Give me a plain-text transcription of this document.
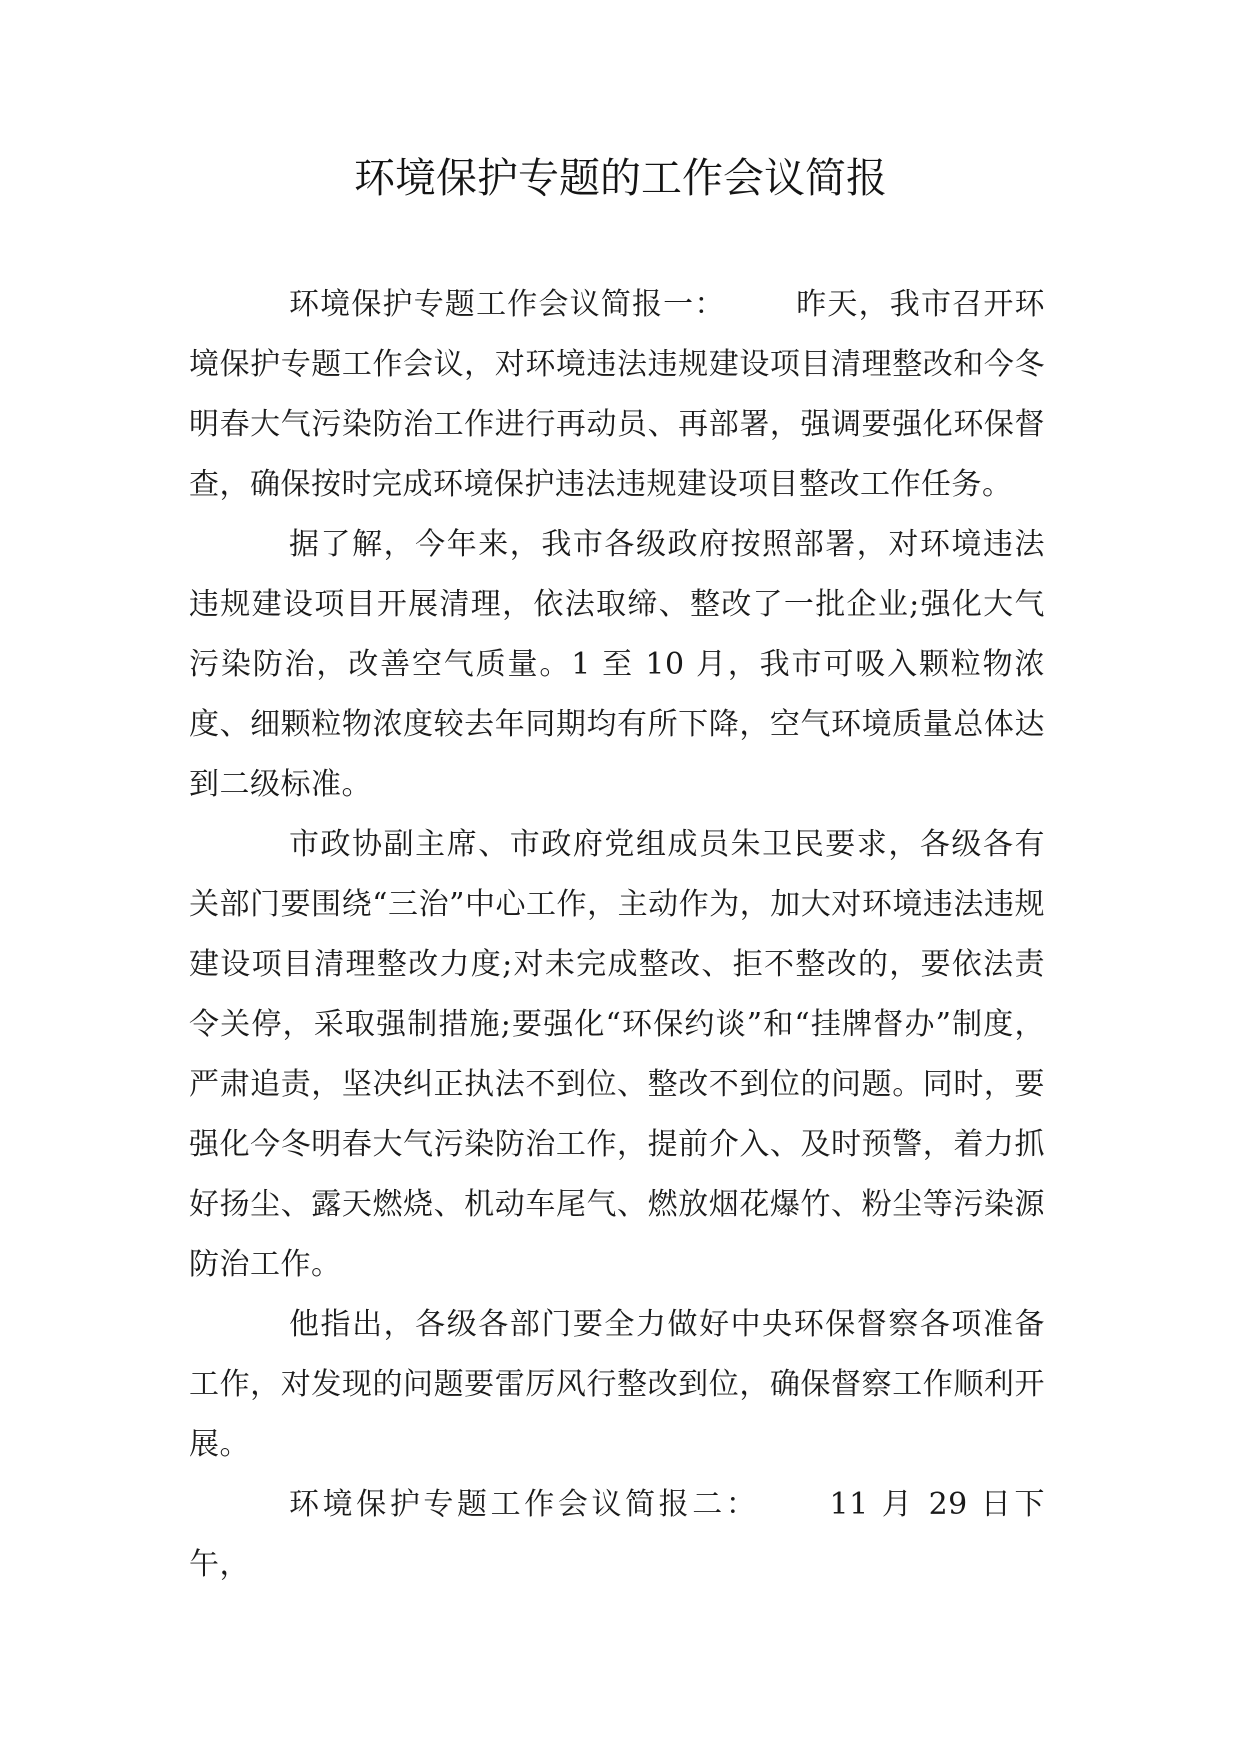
环境保护专题的工作会议简报

环境保护专题工作会议简报一： 昨天，我市召开环境保护专题工作会议，对环境违法违规建设项目清理整改和今冬明春大气污染防治工作进行再动员、再部署，强调要强化环保督查，确保按时完成环境保护违法违规建设项目整改工作任务。

据了解，今年来，我市各级政府按照部署，对环境违法违规建设项目开展清理，依法取缔、整改了一批企业;强化大气污染防治，改善空气质量。1 至 10 月，我市可吸入颗粒物浓度、细颗粒物浓度较去年同期均有所下降，空气环境质量总体达到二级标准。

市政协副主席、市政府党组成员朱卫民要求，各级各有关部门要围绕“三治”中心工作，主动作为，加大对环境违法违规建设项目清理整改力度;对未完成整改、拒不整改的，要依法责令关停，采取强制措施;要强化“环保约谈”和“挂牌督办”制度，严肃追责，坚决纠正执法不到位、整改不到位的问题。同时，要强化今冬明春大气污染防治工作，提前介入、及时预警，着力抓好扬尘、露天燃烧、机动车尾气、燃放烟花爆竹、粉尘等污染源防治工作。

他指出，各级各部门要全力做好中央环保督察各项准备工作，对发现的问题要雷厉风行整改到位，确保督察工作顺利开展。

环境保护专题工作会议简报二： 11 月 29 日下午，
